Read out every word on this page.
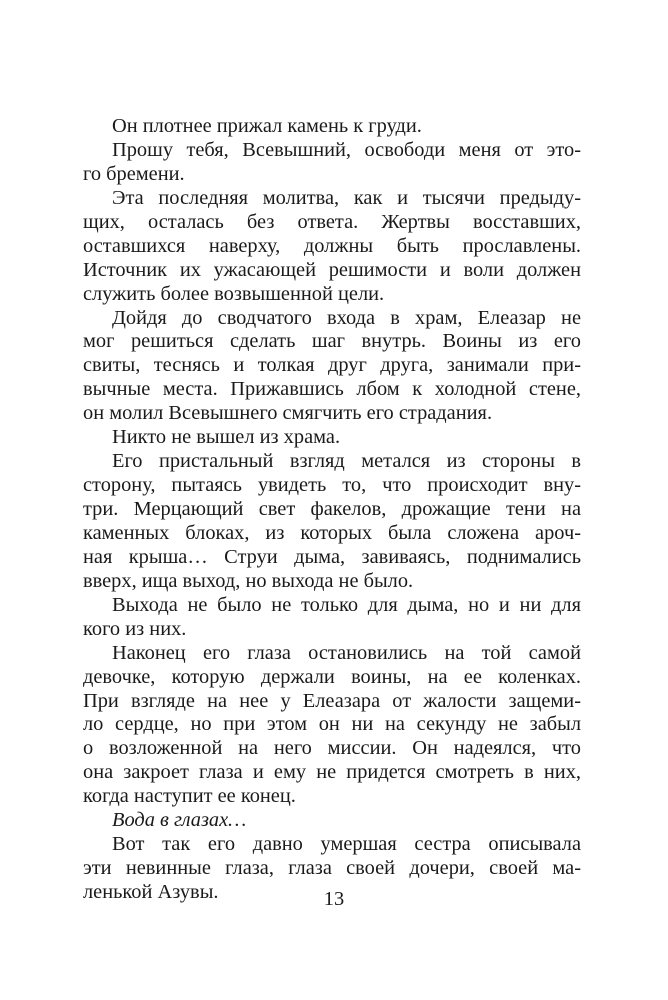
Он плотнее прижал камень к груди.
Прошу тебя, Всевышний, освободи меня от это-
го бремени.
Эта последняя молитва, как и тысячи предыду-
щих, осталась без ответа. Жертвы восставших,
оставшихся наверху, должны быть прославлены.
Источник их ужасающей решимости и воли должен
служить более возвышенной цели.
Дойдя до сводчатого входа в храм, Елеазар не
мог решиться сделать шаг внутрь. Воины из его
свиты, теснясь и толкая друг друга, занимали при-
вычные места. Прижавшись лбом к холодной стене,
он молил Всевышнего смягчить его страдания.
Никто не вышел из храма.
Его пристальный взгляд метался из стороны в
сторону, пытаясь увидеть то, что происходит вну-
три. Мерцающий свет факелов, дрожащие тени на
каменных блоках, из которых была сложена aроч-
ная крыша… Струи дыма, завиваясь, поднимались
вверх, ища выход, но выхода не было.
Выхода не было не только для дыма, но и ни для
кого из них.
Наконец его глаза остановились на той самой
девочке, которую держали воины, на ее коленках.
При взгляде на нее у Елеазара от жалости защеми-
ло сердце, но при этом он ни на секунду не забыл
о возложенной на него миссии. Он надеялся, что
она закроет глаза и ему не придется смотреть в них,
когда наступит ее конец.
Вода в глазах…
Вот так его давно умершая сестра описывала
эти невинные глаза, глаза своей дочери, своей ма-
ленькой Азувы.	13
